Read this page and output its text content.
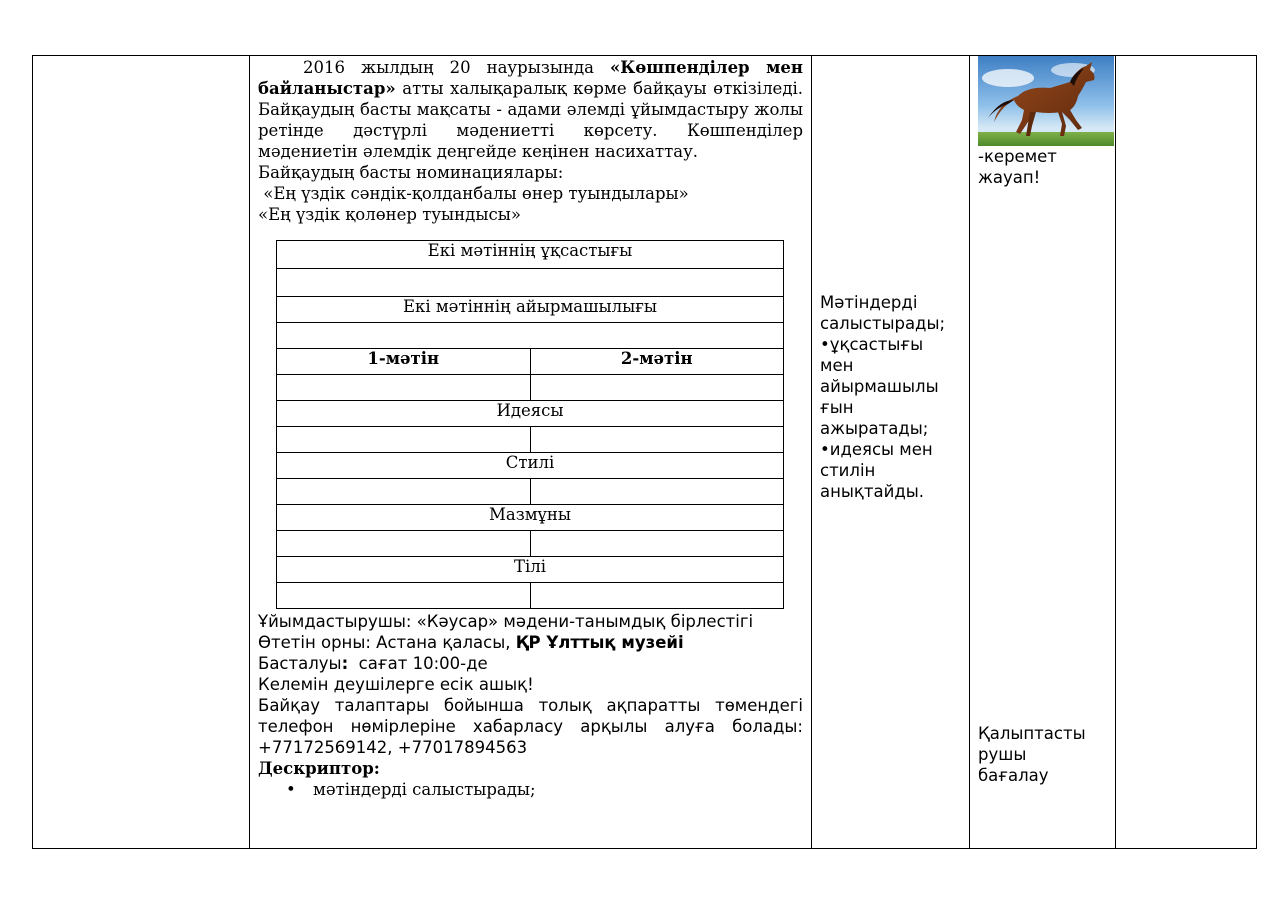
2016 жылдың 20 наурызында «Көшпенділер мен байланыстар» атты халықаралық көрме байқауы өткізіледі. Байқаудың басты мақсаты - адами әлемді ұйымдастыру жолы ретінде дәстүрлі мәдениетті көрсету. Көшпенділер мәдениетін әлемдік деңгейде кеңінен насихаттау.
Байқаудың басты номинациялары:
«Ең үздік сәндік-қолданбалы өнер туындылары»
«Ең үздік қолөнер туындысы»
Екі мәтіннің ұқсастығы

Екі мәтіннің айырмашылығы

1-мәтін	2-мәтін

Идеясы

Стилі

Мазмұны

Тілі

Ұйымдастырушы: «Кәусар» мәдени-танымдық бірлестігі
Өтетін орны: Астана қаласы, ҚР Ұлттық музейі
Басталуы:  сағат 10:00-де
Келемін деушілерге есік ашық!
Байқау талаптары бойынша толық ақпаратты төмендегі телефон нөмірлеріне хабарласу арқылы алуға болады: +77172569142, +77017894563
Дескриптор:
• мәтіндерді салыстырады;

Мәтіндерді
салыстырады;
•ұқсастығы
мен
айырмашылы
ғын
ажыратады;
•идеясы мен
стилін
анықтайды.

-керемет
жауап!
Қалыптасты
рушы
бағалау
